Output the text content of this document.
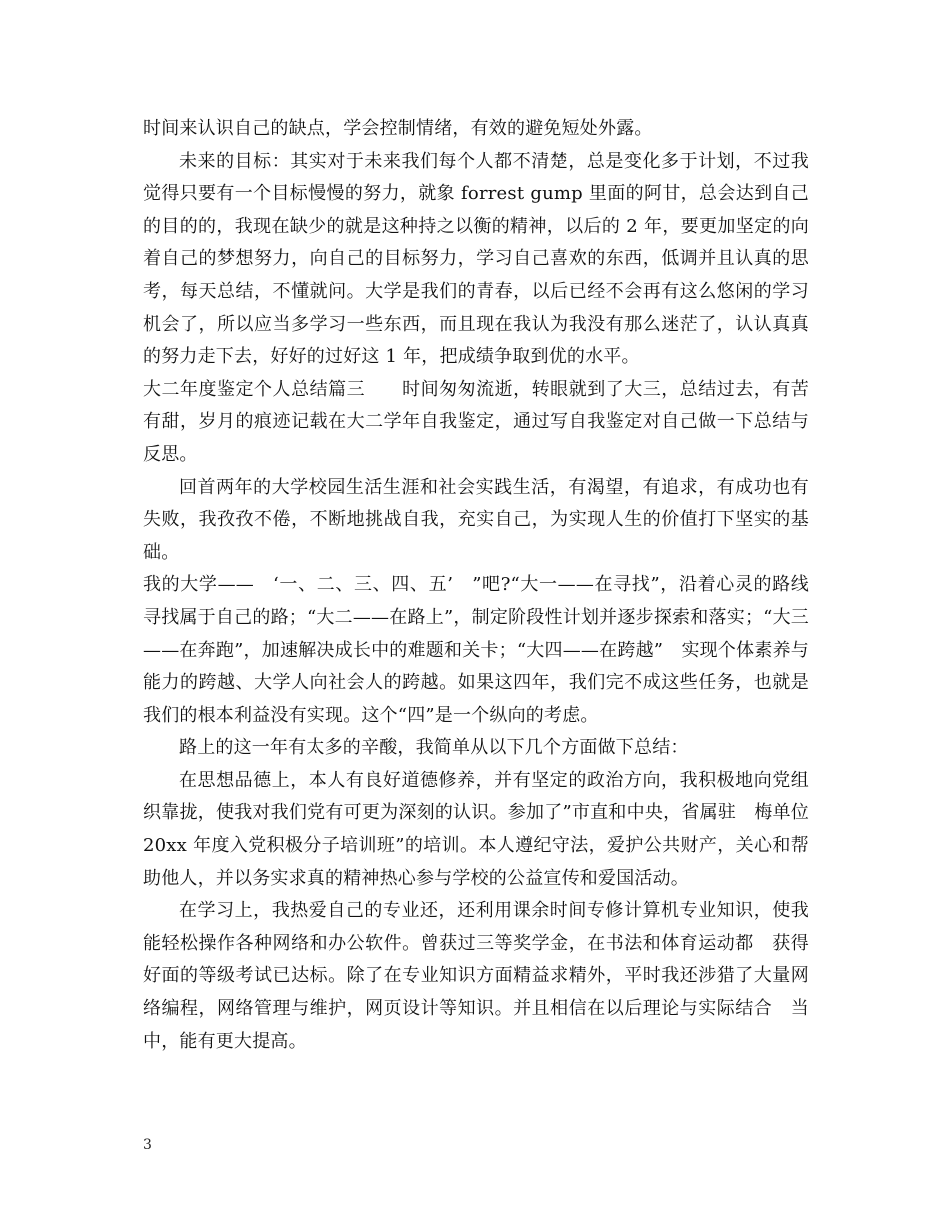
时间来认识自己的缺点，学会控制情绪，有效的避免短处外露。

未来的目标：其实对于未来我们每个人都不清楚，总是变化多于计划，不过我觉得只要有一个目标慢慢的努力，就象 forrest gump 里面的阿甘，总会达到自己的目的的，我现在缺少的就是这种持之以衡的精神，以后的 2 年，要更加坚定的向着自己的梦想努力，向自己的目标努力，学习自己喜欢的东西，低调并且认真的思考，每天总结，不懂就问。大学是我们的青春，以后已经不会再有这么悠闲的学习机会了，所以应当多学习一些东西，而且现在我认为我没有那么迷茫了，认认真真的努力走下去，好好的过好这 1 年，把成绩争取到优的水平。

大二年度鉴定个人总结篇三　　时间匆匆流逝，转眼就到了大三，总结过去，有苦有甜，岁月的痕迹记载在大二学年自我鉴定，通过写自我鉴定对自己做一下总结与反思。

回首两年的大学校园生活生涯和社会实践生活，有渴望，有追求，有成功也有失败，我孜孜不倦，不断地挑战自我，充实自己，为实现人生的价值打下坚实的基础。

我的大学——　‘一、二、三、四、五’　”吧?“大一——在寻找”，沿着心灵的路线寻找属于自己的路；“大二——在路上”，制定阶段性计划并逐步探索和落实；“大三——在奔跑”，加速解决成长中的难题和关卡；“大四——在跨越”　实现个体素养与能力的跨越、大学人向社会人的跨越。如果这四年，我们完不成这些任务，也就是我们的根本利益没有实现。这个“四”是一个纵向的考虑。

路上的这一年有太多的辛酸，我简单从以下几个方面做下总结：

在思想品德上，本人有良好道德修养，并有坚定的政治方向，我积极地向党组织靠拢，使我对我们党有可更为深刻的认识。参加了”市直和中央，省属驻　梅单位 20xx 年度入党积极分子培训班”的培训。本人遵纪守法，爱护公共财产，关心和帮助他人，并以务实求真的精神热心参与学校的公益宣传和爱国活动。

在学习上，我热爱自己的专业还，还利用课余时间专修计算机专业知识，使我能轻松操作各种网络和办公软件。曾获过三等奖学金，在书法和体育运动都　获得好面的等级考试已达标。除了在专业知识方面精益求精外，平时我还涉猎了大量网络编程，网络管理与维护，网页设计等知识。并且相信在以后理论与实际结合　当中，能有更大提高。

3
